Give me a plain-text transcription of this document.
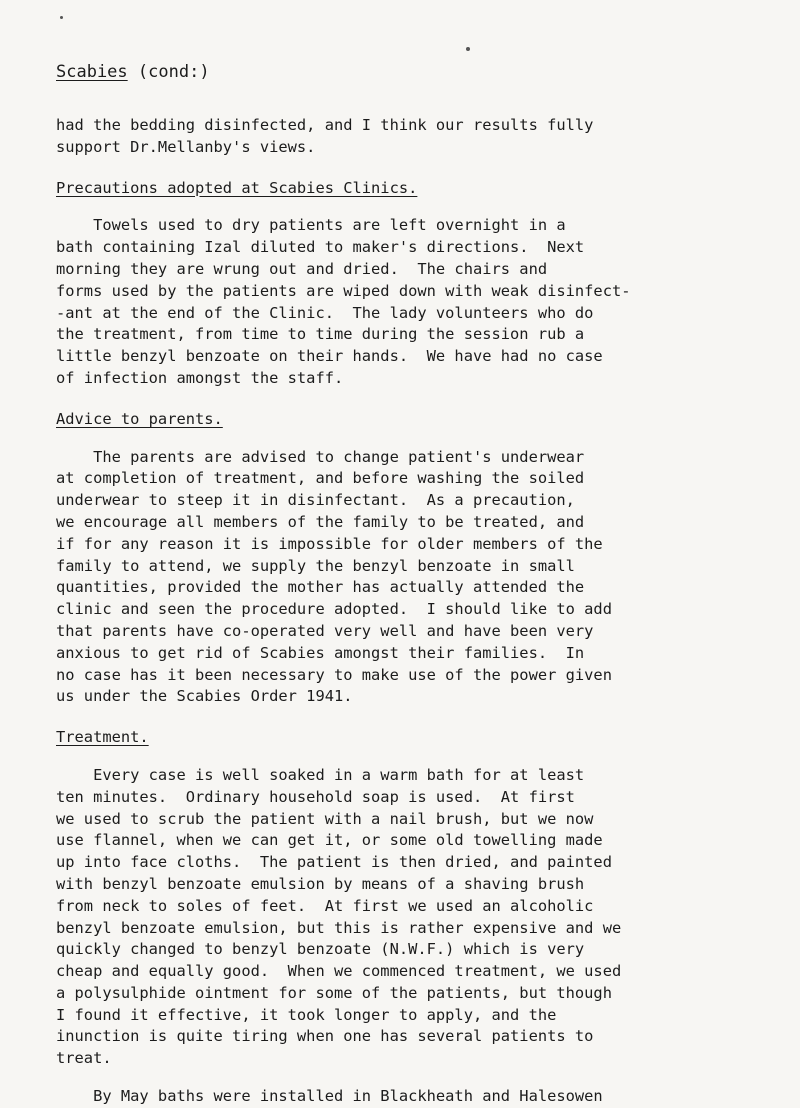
Scabies (cond:)

had the bedding disinfected, and I think our results fully

support Dr.Mellanby's views.

Precautions adopted at Scabies Clinics.

Towels used to dry patients are left overnight in a

bath containing Izal diluted to maker's directions.  Next

morning they are wrung out and dried.  The chairs and

forms used by the patients are wiped down with weak disinfect-

-ant at the end of the Clinic.  The lady volunteers who do

the treatment, from time to time during the session rub a

little benzyl benzoate on their hands.  We have had no case

of infection amongst the staff.

Advice to parents.

The parents are advised to change patient's underwear

at completion of treatment, and before washing the soiled

underwear to steep it in disinfectant.  As a precaution,

we encourage all members of the family to be treated, and

if for any reason it is impossible for older members of the

family to attend, we supply the benzyl benzoate in small

quantities, provided the mother has actually attended the

clinic and seen the procedure adopted.  I should like to add

that parents have co-operated very well and have been very

anxious to get rid of Scabies amongst their families.  In

no case has it been necessary to make use of the power given

us under the Scabies Order 1941.

Treatment.

Every case is well soaked in a warm bath for at least

ten minutes.  Ordinary household soap is used.  At first

we used to scrub the patient with a nail brush, but we now

use flannel, when we can get it, or some old towelling made

up into face cloths.  The patient is then dried, and painted

with benzyl benzoate emulsion by means of a shaving brush

from neck to soles of feet.  At first we used an alcoholic

benzyl benzoate emulsion, but this is rather expensive and we

quickly changed to benzyl benzoate (N.W.F.) which is very

cheap and equally good.  When we commenced treatment, we used

a polysulphide ointment for some of the patients, but though

I found it effective, it took longer to apply, and the

inunction is quite tiring when one has several patients to

treat.

By May baths were installed in Blackheath and Halesowen
